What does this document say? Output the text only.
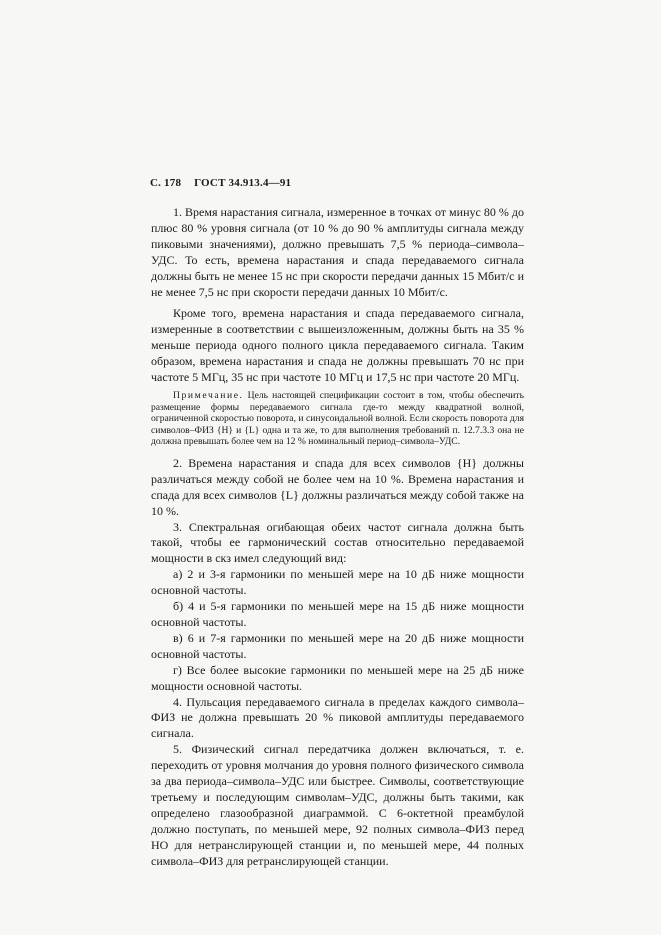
С. 178 ГОСТ 34.913.4—91

1. Время нарастания сигнала, измеренное в точках от минус 80 % до плюс 80 % уровня сигнала (от 10 % до 90 % амплитуды сигнала между пиковыми значениями), должно превышать 7,5 % периода–символа–УДС. То есть, времена нарастания и спада передаваемого сигнала должны быть не менее 15 нс при скорости передачи данных 15 Мбит/с и не менее 7,5 нс при скорости передачи данных 10 Мбит/с.

Кроме того, времена нарастания и спада передаваемого сигнала, измеренные в соответствии с вышеизложенным, должны быть на 35 % меньше периода одного полного цикла передаваемого сигнала. Таким образом, времена нарастания и спада не должны превышать 70 нс при частоте 5 МГц, 35 нс при частоте 10 МГц и 17,5 нс при частоте 20 МГц.

Примечание. Цель настоящей спецификации состоит в том, чтобы обеспечить размещение формы передаваемого сигнала где-то между квадратной волной, ограниченной скоростью поворота, и синусоидальной волной. Если скорость поворота для символов–ФИЗ {H} и {L} одна и та же, то для выполнения требований п. 12.7.3.3 она не должна превышать более чем на 12 % номинальный период–символа–УДС.

2. Времена нарастания и спада для всех символов {H} должны различаться между собой не более чем на 10 %. Времена нарастания и спада для всех символов {L} должны различаться между собой также на 10 %.

3. Спектральная огибающая обеих частот сигнала должна быть такой, чтобы ее гармонический состав относительно передаваемой мощности в скз имел следующий вид:

а) 2 и 3-я гармоники по меньшей мере на 10 дБ ниже мощности основной частоты.

б) 4 и 5-я гармоники по меньшей мере на 15 дБ ниже мощности основной частоты.

в) 6 и 7-я гармоники по меньшей мере на 20 дБ ниже мощности основной частоты.

г) Все более высокие гармоники по меньшей мере на 25 дБ ниже мощности основной частоты.

4. Пульсация передаваемого сигнала в пределах каждого символа–ФИЗ не должна превышать 20 % пиковой амплитуды передаваемого сигнала.

5. Физический сигнал передатчика должен включаться, т. е. переходить от уровня молчания до уровня полного физического символа за два периода–символа–УДС или быстрее. Символы, соответствующие третьему и последующим символам–УДС, должны быть такими, как определено глазообразной диаграммой. С 6-октетной преамбулой должно поступать, по меньшей мере, 92 полных символа–ФИЗ перед НО для нетранслирующей станции и, по меньшей мере, 44 полных символа–ФИЗ для ретранслирующей станции.
